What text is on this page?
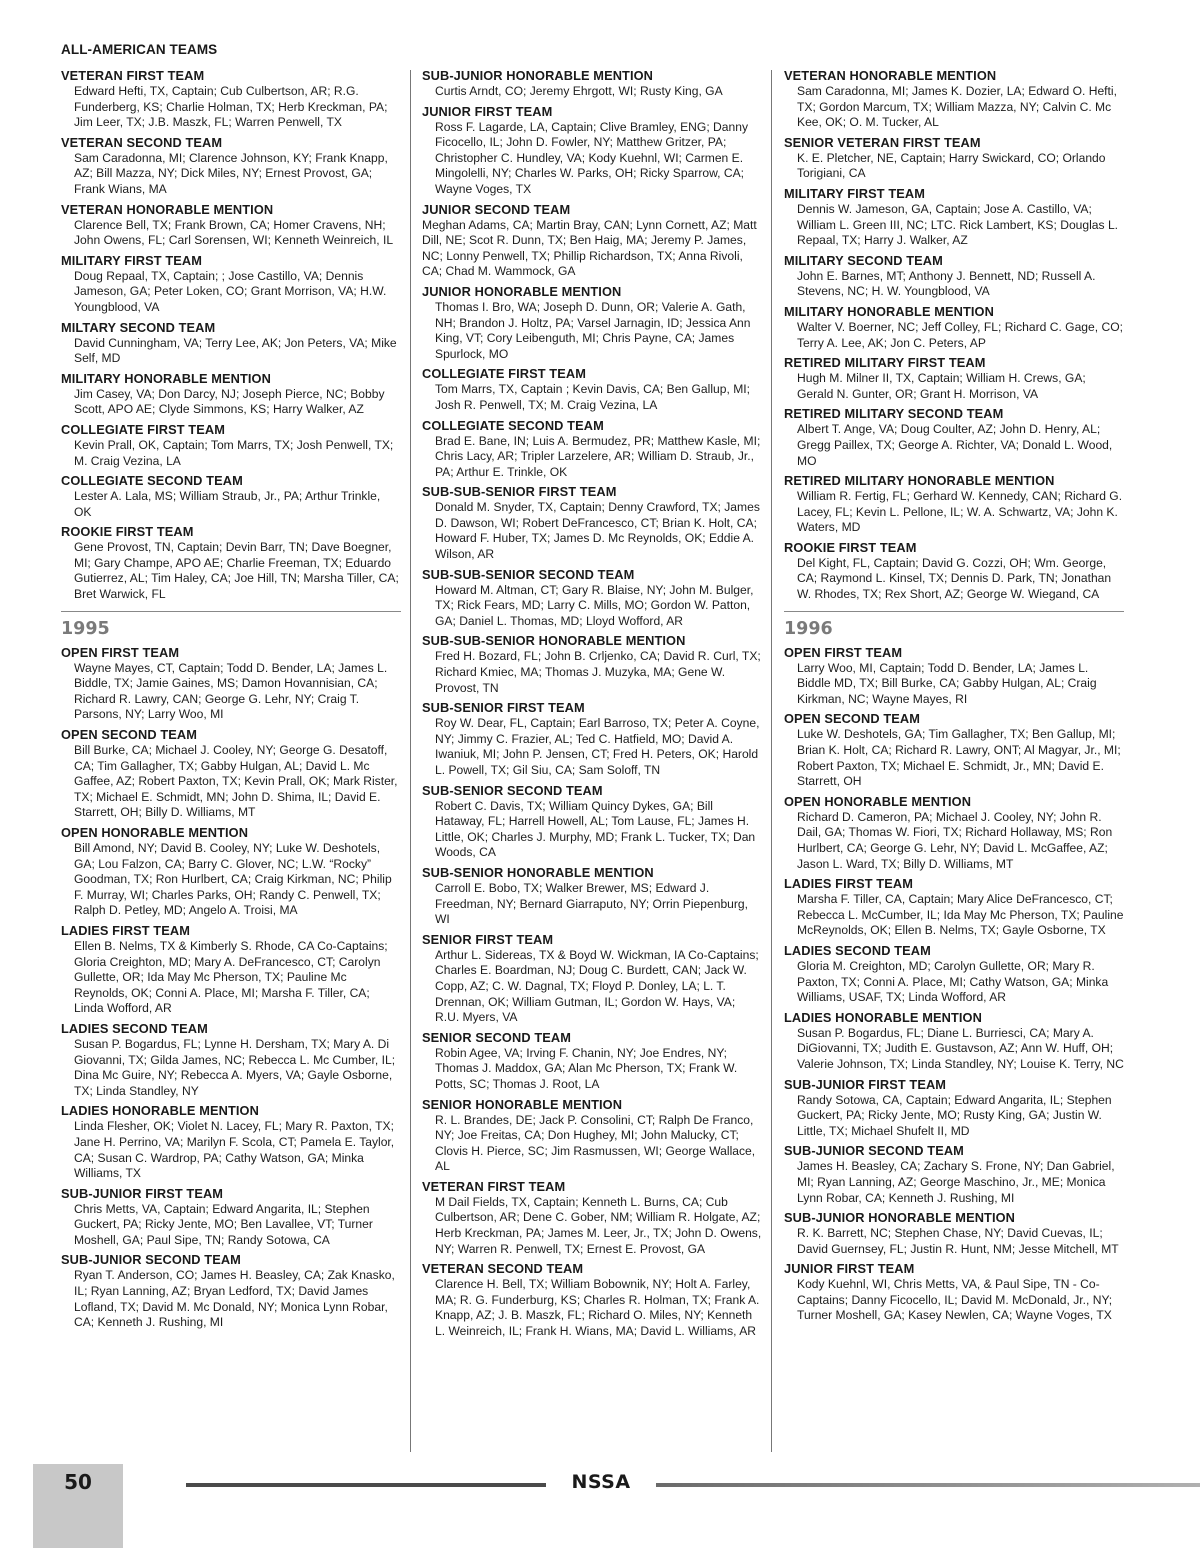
ALL-AMERICAN TEAMS
VETERAN FIRST TEAM
Edward Hefti, TX, Captain; Cub Culbertson, AR; R.G. Funderberg, KS; Charlie Holman, TX; Herb Kreckman, PA; Jim Leer, TX; J.B. Maszk, FL; Warren Penwell, TX
VETERAN SECOND TEAM
Sam Caradonna, MI; Clarence Johnson, KY; Frank Knapp, AZ; Bill Mazza, NY; Dick Miles, NY; Ernest Provost, GA; Frank Wians, MA
VETERAN HONORABLE MENTION
Clarence Bell, TX; Frank Brown, CA; Homer Cravens, NH; John Owens, FL; Carl Sorensen, WI; Kenneth Weinreich, IL
MILITARY FIRST TEAM
Doug Repaal, TX, Captain; ; Jose Castillo, VA; Dennis Jameson, GA; Peter Loken, CO; Grant Morrison, VA; H.W. Youngblood, VA
MILTARY SECOND TEAM
David Cunningham, VA; Terry Lee, AK; Jon Peters, VA; Mike Self, MD
MILITARY HONORABLE MENTION
Jim Casey, VA; Don Darcy, NJ; Joseph Pierce, NC; Bobby Scott, APO AE; Clyde Simmons, KS; Harry Walker, AZ
COLLEGIATE FIRST TEAM
Kevin Prall, OK, Captain; Tom Marrs, TX; Josh Penwell, TX; M. Craig Vezina, LA
COLLEGIATE SECOND TEAM
Lester A. Lala, MS; William Straub, Jr., PA; Arthur Trinkle, OK
ROOKIE FIRST TEAM
Gene Provost, TN, Captain; Devin Barr, TN; Dave Boegner, MI; Gary Champe, APO AE; Charlie Freeman, TX; Eduardo Gutierrez, AL; Tim Haley, CA; Joe Hill, TN; Marsha Tiller, CA; Bret Warwick, FL
1995
OPEN FIRST TEAM
Wayne Mayes, CT, Captain; Todd D. Bender, LA; James L. Biddle, TX; Jamie Gaines, MS; Damon Hovannisian, CA; Richard R. Lawry, CAN; George G. Lehr, NY; Craig T. Parsons, NY; Larry Woo, MI
OPEN SECOND TEAM
Bill Burke, CA; Michael J. Cooley, NY; George G. Desatoff, CA; Tim Gallagher, TX; Gabby Hulgan, AL; David L. Mc Gaffee, AZ; Robert Paxton, TX; Kevin Prall, OK; Mark Rister, TX; Michael E. Schmidt, MN; John D. Shima, IL; David E. Starrett, OH; Billy D. Williams, MT
OPEN HONORABLE MENTION
Bill Amond, NY; David B. Cooley, NY; Luke W. Deshotels, GA; Lou Falzon, CA; Barry C. Glover, NC; L.W. “Rocky” Goodman, TX; Ron Hurlbert, CA; Craig Kirkman, NC; Philip F. Murray, WI; Charles Parks, OH; Randy C. Penwell, TX; Ralph D. Petley, MD; Angelo A. Troisi, MA
LADIES FIRST TEAM
Ellen B. Nelms, TX & Kimberly S. Rhode, CA Co-Captains; Gloria Creighton, MD; Mary A. DeFrancesco, CT; Carolyn Gullette, OR; Ida May Mc Pherson, TX; Pauline Mc Reynolds, OK; Conni A. Place, MI; Marsha F. Tiller, CA; Linda Wofford, AR
LADIES SECOND TEAM
Susan P. Bogardus, FL; Lynne H. Dersham, TX; Mary A. Di Giovanni, TX; Gilda James, NC; Rebecca L. Mc Cumber, IL; Dina Mc Guire, NY; Rebecca A. Myers, VA; Gayle Osborne, TX; Linda Standley, NY
LADIES HONORABLE MENTION
Linda Flesher, OK; Violet N. Lacey, FL; Mary R. Paxton, TX; Jane H. Perrino, VA; Marilyn F. Scola, CT; Pamela E. Taylor, CA; Susan C. Wardrop, PA; Cathy Watson, GA; Minka Williams, TX
SUB-JUNIOR FIRST TEAM
Chris Metts, VA, Captain; Edward Angarita, IL; Stephen Guckert, PA; Ricky Jente, MO; Ben Lavallee, VT; Turner Moshell, GA; Paul Sipe, TN; Randy Sotowa, CA
SUB-JUNIOR SECOND TEAM
Ryan T. Anderson, CO; James H. Beasley, CA; Zak Knasko, IL; Ryan Lanning, AZ; Bryan Ledford, TX; David James Lofland, TX; David M. Mc Donald, NY; Monica Lynn Robar, CA; Kenneth J. Rushing, MI
SUB-JUNIOR HONORABLE MENTION
Curtis Arndt, CO; Jeremy Ehrgott, WI; Rusty King, GA
JUNIOR FIRST TEAM
Ross F. Lagarde, LA, Captain; Clive Bramley, ENG; Danny Ficocello, IL; John D. Fowler, NY; Matthew Gritzer, PA; Christopher C. Hundley, VA; Kody Kuehnl, WI; Carmen E. Mingolelli, NY; Charles W. Parks, OH; Ricky Sparrow, CA; Wayne Voges, TX
JUNIOR SECOND TEAM
Meghan Adams, CA; Martin Bray, CAN; Lynn Cornett, AZ; Matt Dill, NE; Scot R. Dunn, TX; Ben Haig, MA; Jeremy P. James, NC; Lonny Penwell, TX; Phillip Richardson, TX; Anna Rivoli, CA; Chad M. Wammock, GA
JUNIOR HONORABLE MENTION
Thomas I. Bro, WA; Joseph D. Dunn, OR; Valerie A. Gath, NH; Brandon J. Holtz, PA; Varsel Jarnagin, ID; Jessica Ann King, VT; Cory Leibenguth, MI; Chris Payne, CA; James Spurlock, MO
COLLEGIATE FIRST TEAM
Tom Marrs, TX, Captain ; Kevin Davis, CA; Ben Gallup, MI; Josh R. Penwell, TX; M. Craig Vezina, LA
COLLEGIATE SECOND TEAM
Brad E. Bane, IN; Luis A. Bermudez, PR; Matthew Kasle, MI; Chris Lacy, AR; Tripler Larzelere, AR; William D. Straub, Jr., PA; Arthur E. Trinkle, OK
SUB-SUB-SENIOR FIRST TEAM
Donald M. Snyder, TX, Captain; Denny Crawford, TX; James D. Dawson, WI; Robert DeFrancesco, CT; Brian K. Holt, CA; Howard F. Huber, TX; James D. Mc Reynolds, OK; Eddie A. Wilson, AR
SUB-SUB-SENIOR SECOND TEAM
Howard M. Altman, CT; Gary R. Blaise, NY; John M. Bulger, TX; Rick Fears, MD; Larry C. Mills, MO; Gordon W. Patton, GA; Daniel L. Thomas, MD; Lloyd Wofford, AR
SUB-SUB-SENIOR HONORABLE MENTION
Fred H. Bozard, FL; John B. Crljenko, CA; David R. Curl, TX; Richard Kmiec, MA; Thomas J. Muzyka, MA; Gene W. Provost, TN
SUB-SENIOR FIRST TEAM
Roy W. Dear, FL, Captain; Earl Barroso, TX; Peter A. Coyne, NY; Jimmy C. Frazier, AL; Ted C. Hatfield, MO; David A. Iwaniuk, MI; John P. Jensen, CT; Fred H. Peters, OK; Harold L. Powell, TX; Gil Siu, CA; Sam Soloff, TN
SUB-SENIOR SECOND TEAM
Robert C. Davis, TX; William Quincy Dykes, GA; Bill Hataway, FL; Harrell Howell, AL; Tom Lause, FL; James H. Little, OK; Charles J. Murphy, MD; Frank L. Tucker, TX; Dan Woods, CA
SUB-SENIOR HONORABLE MENTION
Carroll E. Bobo, TX; Walker Brewer, MS; Edward J. Freedman, NY; Bernard Giarraputo, NY; Orrin Piepenburg, WI
SENIOR FIRST TEAM
Arthur L. Sidereas, TX & Boyd W. Wickman, IA Co-Captains; Charles E. Boardman, NJ; Doug C. Burdett, CAN; Jack W. Copp, AZ; C. W. Dagnal, TX; Floyd P. Donley, LA; L. T. Drennan, OK; William Gutman, IL; Gordon W. Hays, VA; R.U. Myers, VA
SENIOR SECOND TEAM
Robin Agee, VA; Irving F. Chanin, NY; Joe Endres, NY; Thomas J. Maddox, GA; Alan Mc Pherson, TX; Frank W. Potts, SC; Thomas J. Root, LA
SENIOR HONORABLE MENTION
R. L. Brandes, DE; Jack P. Consolini, CT; Ralph De Franco, NY; Joe Freitas, CA; Don Hughey, MI; John Malucky, CT; Clovis H. Pierce, SC; Jim Rasmussen, WI; George Wallace, AL
VETERAN FIRST TEAM
M Dail Fields, TX, Captain; Kenneth L. Burns, CA; Cub Culbertson, AR; Dene C. Gober, NM; William R. Holgate, AZ; Herb Kreckman, PA; James M. Leer, Jr., TX; John D. Owens, NY; Warren R. Penwell, TX; Ernest E. Provost, GA
VETERAN SECOND TEAM
Clarence H. Bell, TX; William Bobownik, NY; Holt A. Farley, MA; R. G. Funderburg, KS; Charles R. Holman, TX; Frank A. Knapp, AZ; J. B. Maszk, FL; Richard O. Miles, NY; Kenneth L. Weinreich, IL; Frank H. Wians, MA; David L. Williams, AR
VETERAN HONORABLE MENTION
Sam Caradonna, MI; James K. Dozier, LA; Edward O. Hefti, TX; Gordon Marcum, TX; William Mazza, NY; Calvin C. Mc Kee, OK; O. M. Tucker, AL
SENIOR VETERAN FIRST TEAM
K. E. Pletcher, NE, Captain; Harry Swickard, CO; Orlando Torigiani, CA
MILITARY FIRST TEAM
Dennis W. Jameson, GA, Captain; Jose A. Castillo, VA; William L. Green III, NC; LTC. Rick Lambert, KS; Douglas L. Repaal, TX; Harry J. Walker, AZ
MILITARY SECOND TEAM
John E. Barnes, MT; Anthony J. Bennett, ND; Russell A. Stevens, NC; H. W. Youngblood, VA
MILITARY HONORABLE MENTION
Walter V. Boerner, NC; Jeff Colley, FL; Richard C. Gage, CO; Terry A. Lee, AK; Jon C. Peters, AP
RETIRED MILITARY FIRST TEAM
Hugh M. Milner II, TX, Captain; William H. Crews, GA; Gerald N. Gunter, OR; Grant H. Morrison, VA
RETIRED MILITARY SECOND TEAM
Albert T. Ange, VA; Doug Coulter, AZ; John D. Henry, AL; Gregg Paillex, TX; George A. Richter, VA; Donald L. Wood, MO
RETIRED MILITARY HONORABLE MENTION
William R. Fertig, FL; Gerhard W. Kennedy, CAN; Richard G. Lacey, FL; Kevin L. Pellone, IL; W. A. Schwartz, VA; John K. Waters, MD
ROOKIE FIRST TEAM
Del Kight, FL, Captain; David G. Cozzi, OH; Wm. George, CA; Raymond L. Kinsel, TX; Dennis D. Park, TN; Jonathan W. Rhodes, TX; Rex Short, AZ; George W. Wiegand, CA
1996
OPEN FIRST TEAM
Larry Woo, MI, Captain; Todd D. Bender, LA; James L. Biddle MD, TX; Bill Burke, CA; Gabby Hulgan, AL; Craig Kirkman, NC; Wayne Mayes, RI
OPEN SECOND TEAM
Luke W. Deshotels, GA; Tim Gallagher, TX; Ben Gallup, MI; Brian K. Holt, CA; Richard R. Lawry, ONT; Al Magyar, Jr., MI; Robert Paxton, TX; Michael E. Schmidt, Jr., MN; David E. Starrett, OH
OPEN HONORABLE MENTION
Richard D. Cameron, PA; Michael J. Cooley, NY; John R. Dail, GA; Thomas W. Fiori, TX; Richard Hollaway, MS; Ron Hurlbert, CA; George G. Lehr, NY; David L. McGaffee, AZ; Jason L. Ward, TX; Billy D. Williams, MT
LADIES FIRST TEAM
Marsha F. Tiller, CA, Captain; Mary Alice DeFrancesco, CT; Rebecca L. McCumber, IL; Ida May Mc Pherson, TX; Pauline McReynolds, OK; Ellen B. Nelms, TX; Gayle Osborne, TX
LADIES SECOND TEAM
Gloria M. Creighton, MD; Carolyn Gullette, OR; Mary R. Paxton, TX; Conni A. Place, MI; Cathy Watson, GA; Minka Williams, USAF, TX; Linda Wofford, AR
LADIES HONORABLE MENTION
Susan P. Bogardus, FL; Diane L. Burriesci, CA; Mary A. DiGiovanni, TX; Judith E. Gustavson, AZ; Ann W. Huff, OH; Valerie Johnson, TX; Linda Standley, NY; Louise K. Terry, NC
SUB-JUNIOR FIRST TEAM
Randy Sotowa, CA, Captain; Edward Angarita, IL; Stephen Guckert, PA; Ricky Jente, MO; Rusty King, GA; Justin W. Little, TX; Michael Shufelt II, MD
SUB-JUNIOR SECOND TEAM
James H. Beasley, CA; Zachary S. Frone, NY; Dan Gabriel, MI; Ryan Lanning, AZ; George Maschino, Jr., ME; Monica Lynn Robar, CA; Kenneth J. Rushing, MI
SUB-JUNIOR HONORABLE MENTION
R. K. Barrett, NC; Stephen Chase, NY; David Cuevas, IL; David Guernsey, FL; Justin R. Hunt, NM; Jesse Mitchell, MT
JUNIOR FIRST TEAM
Kody Kuehnl, WI, Chris Metts, VA, & Paul Sipe, TN - Co-Captains; Danny Ficocello, IL; David M. McDonald, Jr., NY; Turner Moshell, GA; Kasey Newlen, CA; Wayne Voges, TX
50	NSSA
